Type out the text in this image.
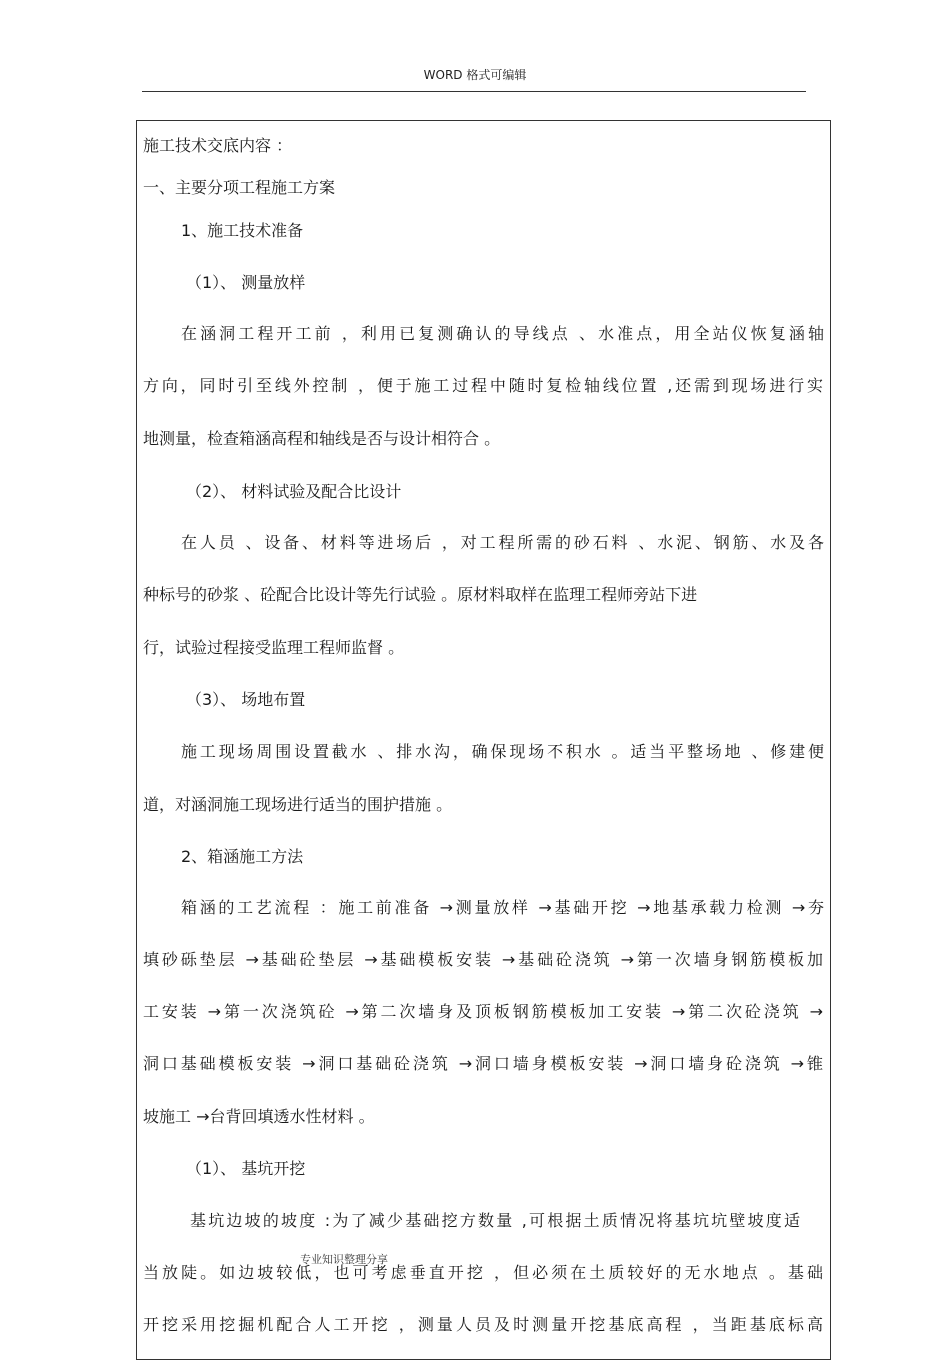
WORD 格式可编辑
施工技术交底内容 ：
一、主要分项工程施工方案
1、施工技术准备
（1）、 测量放样
在涵洞工程开工前 ，利用已复测确认的导线点 、水准点，用全站仪恢复涵轴
方向，同时引至线外控制 ，便于施工过程中随时复检轴线位置 ,还需到现场进行实
地测量，检查箱涵高程和轴线是否与设计相符合 。
（2）、 材料试验及配合比设计
在人员 、设备、材料等进场后 ，对工程所需的砂石料 、水泥、钢筋、水及各
种标号的砂浆 、砼配合比设计等先行试验 。原材料取样在监理工程师旁站下进
行，试验过程接受监理工程师监督 。
（3）、 场地布置
施工现场周围设置截水 、排水沟，确保现场不积水 。适当平整场地 、修建便
道，对涵洞施工现场进行适当的围护措施 。
2、箱涵施工方法
箱涵的工艺流程 ：施工前准备 →测量放样 →基础开挖 →地基承载力检测 →夯
填砂砾垫层 →基础砼垫层 →基础模板安装 →基础砼浇筑 →第一次墙身钢筋模板加
工安装 →第一次浇筑砼 →第二次墙身及顶板钢筋模板加工安装 →第二次砼浇筑 →
洞口基础模板安装 →洞口基础砼浇筑 →洞口墙身模板安装 →洞口墙身砼浇筑 →锥
坡施工 →台背回填透水性材料 。
（1）、 基坑开挖
基坑边坡的坡度 :为了减少基础挖方数量 ,可根据土质情况将基坑坑壁坡度适
当放陡。如边坡较低，也可考虑垂直开挖 ，但必须在土质较好的无水地点 。基础
开挖采用挖掘机配合人工开挖 ，测量人员及时测量开挖基底高程 ，当距基底标高
专业知识整理分享
